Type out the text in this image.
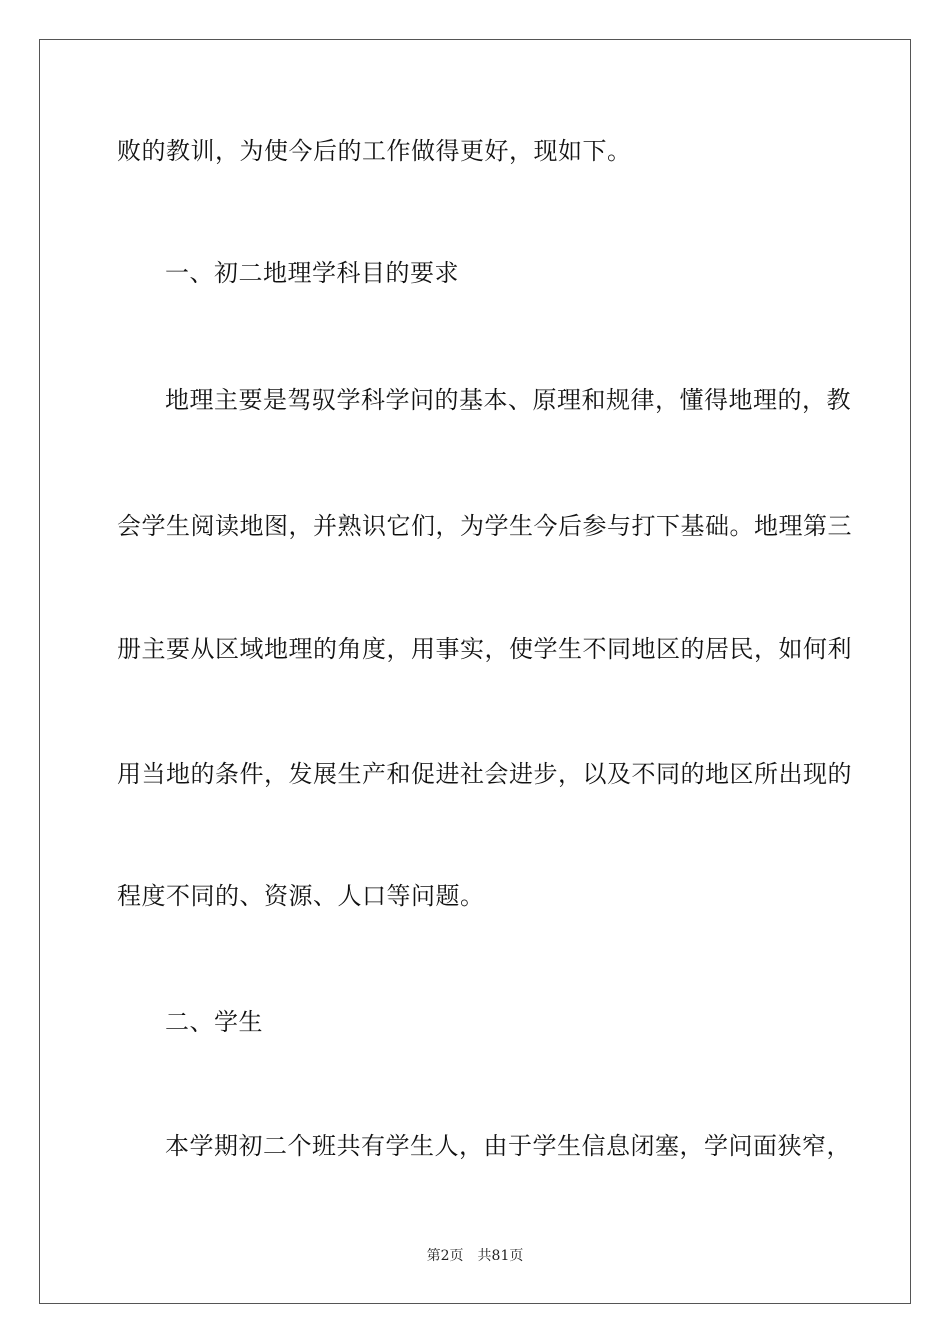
败的教训，为使今后的工作做得更好，现如下。
一、初二地理学科目的要求
地理主要是驾驭学科学问的基本、原理和规律，懂得地理的，教
会学生阅读地图，并熟识它们，为学生今后参与打下基础。地理第三
册主要从区域地理的角度，用事实，使学生不同地区的居民，如何利
用当地的条件，发展生产和促进社会进步，以及不同的地区所出现的
程度不同的、资源、人口等问题。
二、学生
本学期初二个班共有学生人，由于学生信息闭塞，学问面狭窄，
第2页 共81页
